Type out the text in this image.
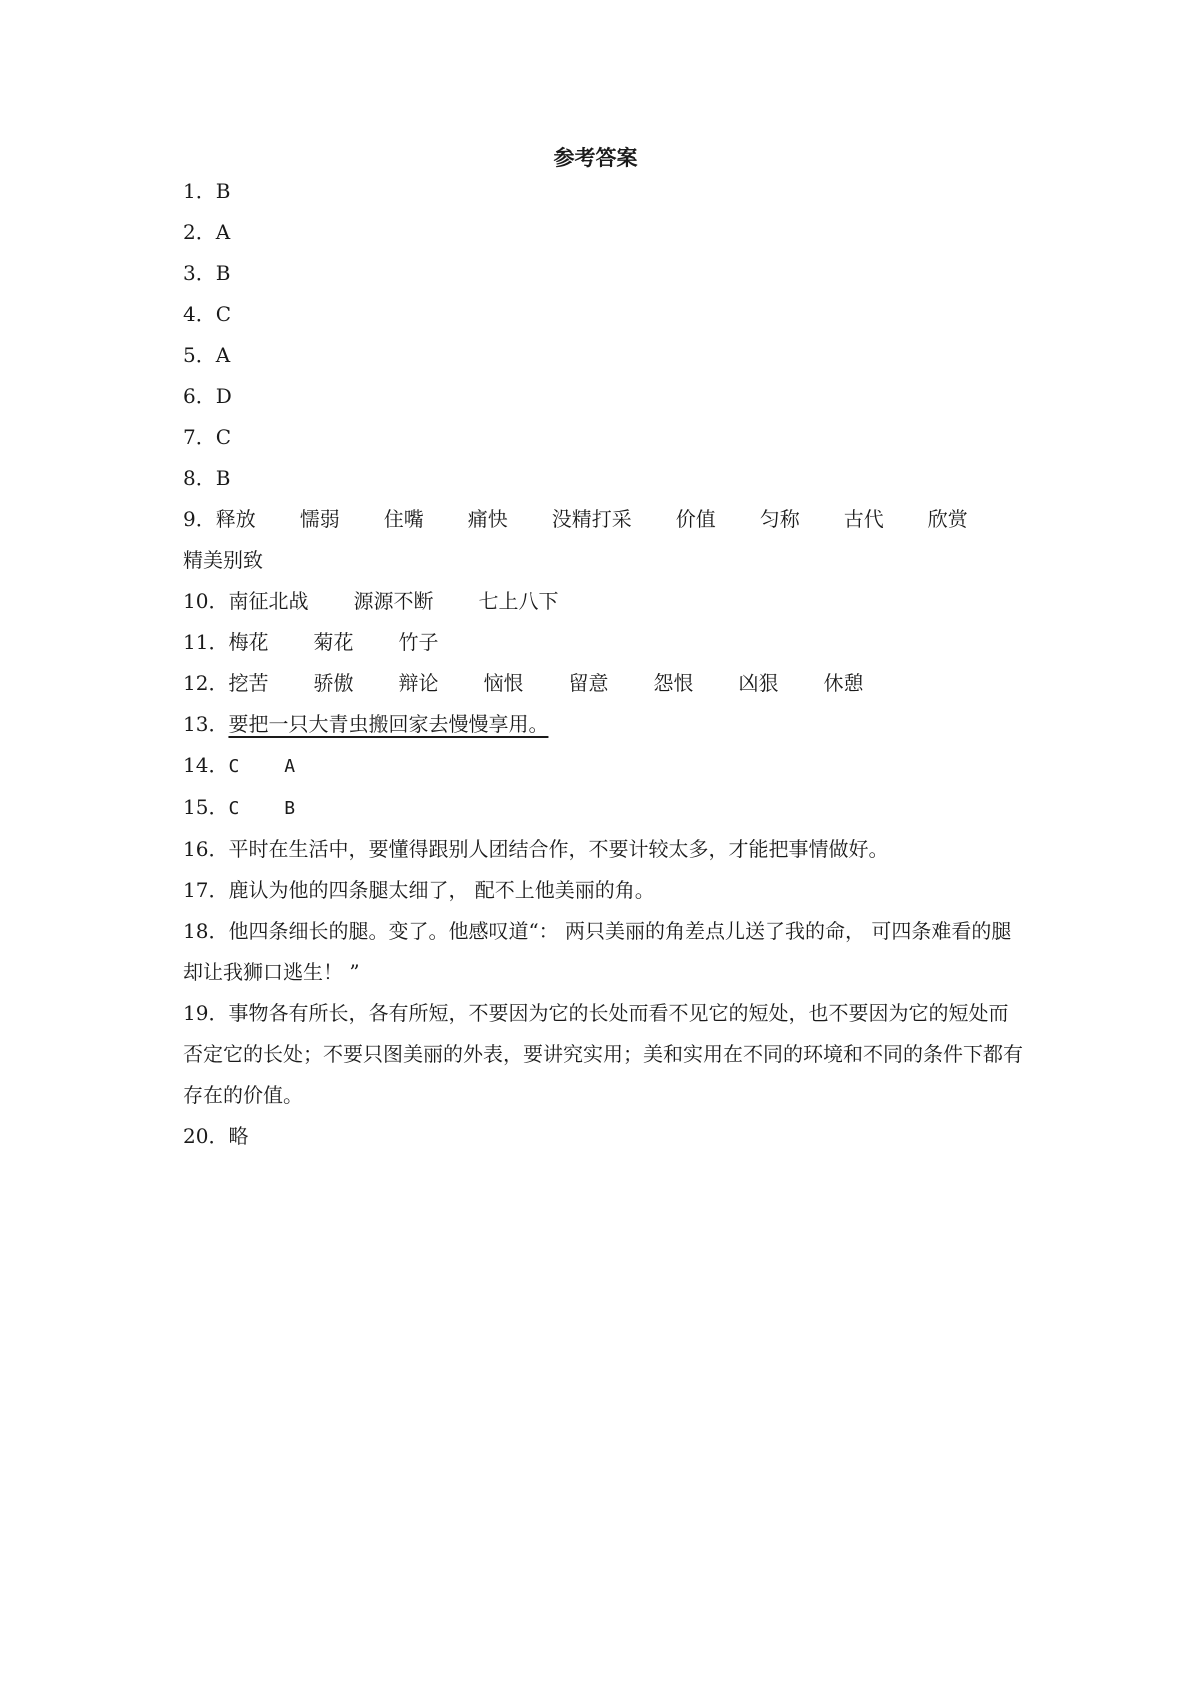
参考答案
1．B
2．A
3．B
4．C
5．A
6．D
7．C
8．B
9．释放 懦弱 住嘴 痛快 没精打采 价值 匀称 古代 欣赏
精美别致
10．南征北战 源源不断 七上八下
11．梅花 菊花 竹子
12．挖苦 骄傲 辩论 恼恨 留意 怨恨 凶狠 休憩
13．要把一只大青虫搬回家去慢慢享用。
14．C	A
15．C	B
16．平时在生活中，要懂得跟别人团结合作，不要计较太多，才能把事情做好。
17．鹿认为他的四条腿太细了， 配不上他美丽的角。
18．他四条细长的腿。变了。他感叹道“： 两只美丽的角差点儿送了我的命， 可四条难看的腿却让我狮口逃生！ ”
19．事物各有所长，各有所短，不要因为它的长处而看不见它的短处，也不要因为它的短处而否定它的长处；不要只图美丽的外表，要讲究实用；美和实用在不同的环境和不同的条件下都有存在的价值。
20．略
